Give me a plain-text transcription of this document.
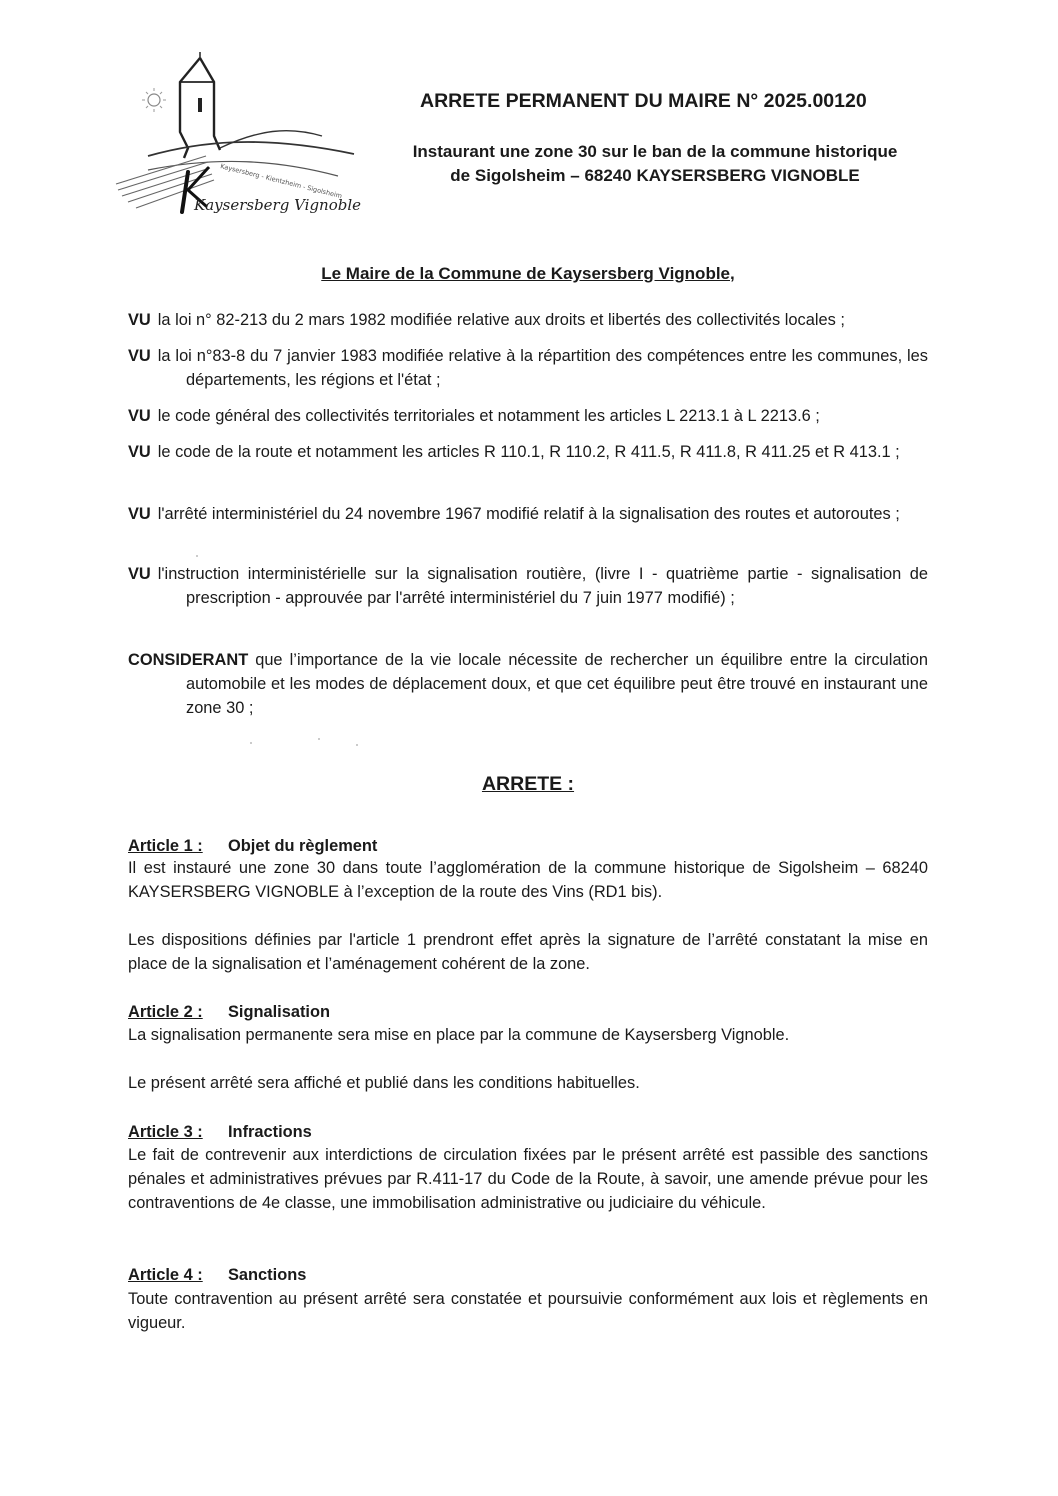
Kaysersberg - Kientzheim - Sigolsheim
Kaysersberg Vignoble
ARRETE PERMANENT DU MAIRE N° 2025.00120
Instaurant une zone 30 sur le ban de la commune historique
de Sigolsheim – 68240 KAYSERSBERG VIGNOBLE
Le Maire de la Commune de Kaysersberg Vignoble,
VU la loi n° 82-213 du 2 mars 1982 modifiée relative aux droits et libertés des collectivités locales ;
VU la loi n°83-8 du 7 janvier 1983 modifiée relative à la répartition des compétences entre les communes, les départements, les régions et l'état ;
VU le code général des collectivités territoriales et notamment les articles L 2213.1 à L 2213.6 ;
VU le code de la route et notamment les articles R 110.1, R 110.2, R 411.5, R 411.8, R 411.25 et R 413.1 ;
VU l'arrêté interministériel du 24 novembre 1967 modifié relatif à la signalisation des routes et autoroutes ;
VU l'instruction interministérielle sur la signalisation routière, (livre I - quatrième partie - signalisation de prescription - approuvée par l'arrêté interministériel du 7 juin 1977 modifié) ;
CONSIDERANT que l’importance de la vie locale nécessite de rechercher un équilibre entre la circulation automobile et les modes de déplacement doux, et que cet équilibre peut être trouvé en instaurant une zone 30 ;
ARRETE :
Article 1 : Objet du règlement
Il est instauré une zone 30 dans toute l’agglomération de la commune historique de Sigolsheim – 68240 KAYSERSBERG VIGNOBLE à l’exception de la route des Vins (RD1 bis).
Les dispositions définies par l'article 1 prendront effet après la signature de l’arrêté constatant la mise en place de la signalisation et l’aménagement cohérent de la zone.
Article 2 : Signalisation
La signalisation permanente sera mise en place par la commune de Kaysersberg Vignoble.
Le présent arrêté sera affiché et publié dans les conditions habituelles.
Article 3 : Infractions
Le fait de contrevenir aux interdictions de circulation fixées par le présent arrêté est passible des sanctions pénales et administratives prévues par R.411-17 du Code de la Route, à savoir, une amende prévue pour les contraventions de 4e classe, une immobilisation administrative ou judiciaire du véhicule.
Article 4 : Sanctions
Toute contravention au présent arrêté sera constatée et poursuivie conformément aux lois et règlements en vigueur.
